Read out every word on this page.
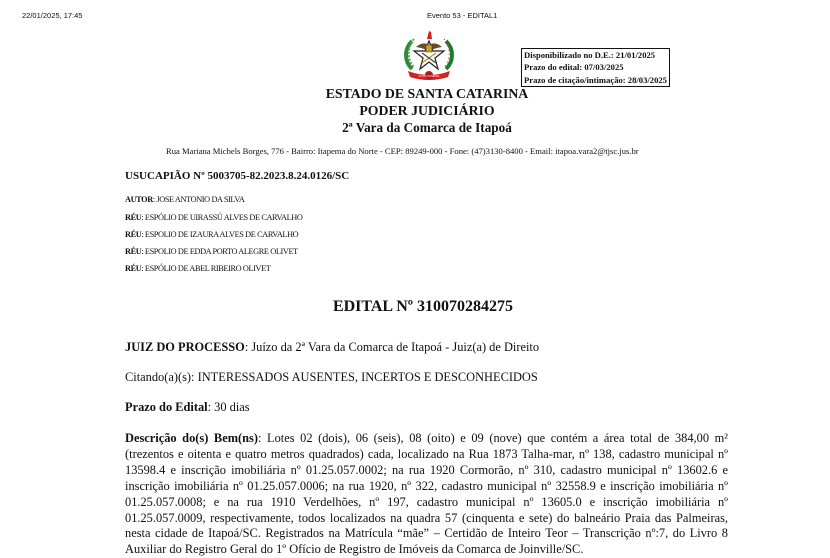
22/01/2025, 17:45	Evento 53 - EDITAL1
SANTA CATARINA
Disponibilizado no D.E.: 21/01/2025
Prazo do edital: 07/03/2025
Prazo de citação/intimação: 28/03/2025
ESTADO DE SANTA CATARINA
PODER JUDICIÁRIO
2ª Vara da Comarca de Itapoá
Rua Mariana Michels Borges, 776 - Bairro: Itapema do Norte - CEP: 89249-000 - Fone: (47)3130-8400 - Email: itapoa.vara2@tjsc.jus.br
USUCAPIÃO Nº 5003705-82.2023.8.24.0126/SC
AUTOR: JOSE ANTONIO DA SILVA
RÉU: ESPÓLIO DE UIRASSÚ ALVES DE CARVALHO
RÉU: ESPOLIO DE IZAURA ALVES DE CARVALHO
RÉU: ESPOLIO DE EDDA PORTO ALEGRE OLIVET
RÉU: ESPÓLIO DE ABEL RIBEIRO OLIVET
EDITAL Nº 310070284275
JUIZ DO PROCESSO: Juízo da 2ª Vara da Comarca de Itapoá - Juiz(a) de Direito
Citando(a)(s): INTERESSADOS AUSENTES, INCERTOS E DESCONHECIDOS
Prazo do Edital: 30 dias
Descrição do(s) Bem(ns): Lotes 02 (dois), 06 (seis), 08 (oito) e 09 (nove) que contém a área total de 384,00 m² (trezentos e oitenta e quatro metros quadrados) cada, localizado na Rua 1873 Talha-mar, nº 138, cadastro municipal nº 13598.4 e inscrição imobiliária nº 01.25.057.0002; na rua 1920 Cormorão, nº 310, cadastro municipal nº 13602.6 e inscrição imobiliária nº 01.25.057.0006; na rua 1920, nº 322, cadastro municipal nº 32558.9 e inscrição imobiliária nº 01.25.057.0008; e na rua 1910 Verdelhões, nº 197, cadastro municipal nº 13605.0 e inscrição imobiliária nº 01.25.057.0009, respectivamente, todos localizados na quadra 57 (cinquenta e sete) do balneário Praia das Palmeiras, nesta cidade de Itapoá/SC. Registrados na Matrícula “mãe” – Certidão de Inteiro Teor – Transcrição nº:7, do Livro 8 Auxiliar do Registro Geral do 1º Ofício de Registro de Imóveis da Comarca de Joinville/SC.
